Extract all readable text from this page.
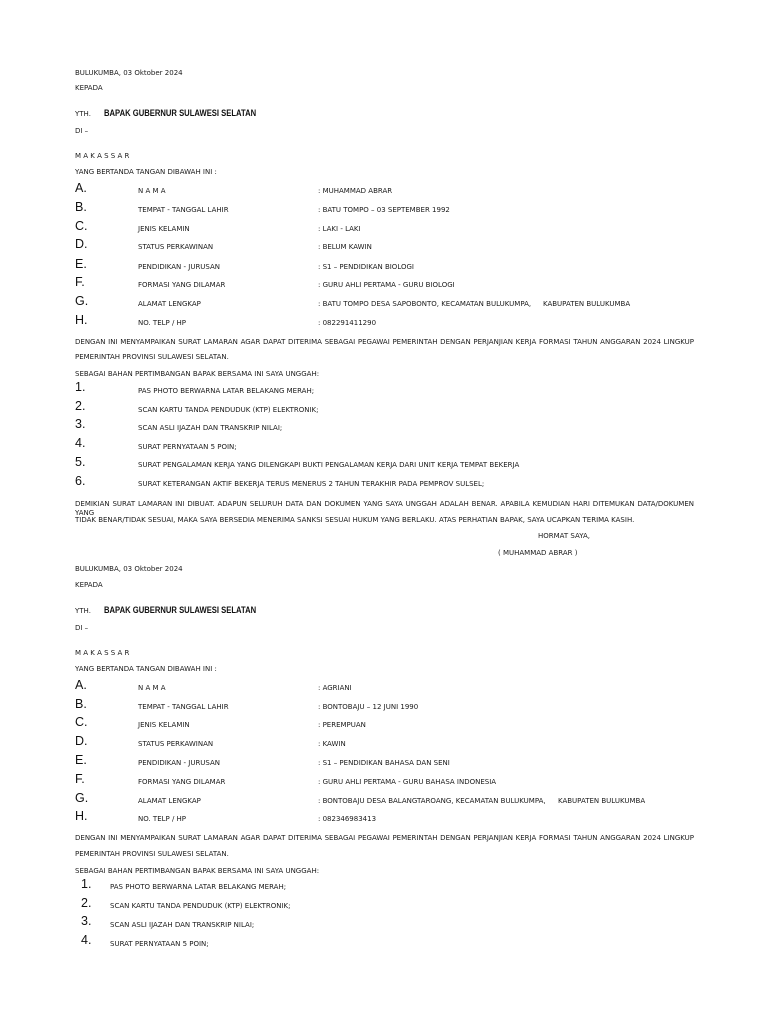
BULUKUMBA, 03 Oktober 2024
KEPADA
YTH. BAPAK GUBERNUR SULAWESI SELATAN
DI –
M A K A S S A R
YANG BERTANDA TANGAN DIBAWAH INI :
A.	N A M A	: MUHAMMAD ABRAR
B.	TEMPAT - TANGGAL LAHIR	: BATU TOMPO – 03 SEPTEMBER 1992
C.	JENIS KELAMIN	: LAKI - LAKI
D.	STATUS PERKAWINAN	: BELUM KAWIN
E.	PENDIDIKAN - JURUSAN	: S1 – PENDIDIKAN BIOLOGI
F.	FORMASI YANG DILAMAR	: GURU AHLI PERTAMA - GURU BIOLOGI
G.	ALAMAT LENGKAP	: BATU TOMPO DESA SAPOBONTO, KECAMATAN BULUKUMPA, KABUPATEN BULUKUMBA
H.	NO. TELP / HP	: 082291411290
DENGAN INI MENYAMPAIKAN SURAT LAMARAN AGAR DAPAT DITERIMA SEBAGAI PEGAWAI PEMERINTAH DENGAN PERJANJIAN KERJA FORMASI TAHUN ANGGARAN 2024 LINGKUP
PEMERINTAH PROVINSI SULAWESI SELATAN.
SEBAGAI BAHAN PERTIMBANGAN BAPAK BERSAMA INI SAYA UNGGAH:
1.	PAS PHOTO BERWARNA LATAR BELAKANG MERAH;
2.	SCAN KARTU TANDA PENDUDUK (KTP) ELEKTRONIK;
3.	SCAN ASLI IJAZAH DAN TRANSKRIP NILAI;
4.	SURAT PERNYATAAN 5 POIN;
5.	SURAT PENGALAMAN KERJA YANG DILENGKAPI BUKTI PENGALAMAN KERJA DARI UNIT KERJA TEMPAT BEKERJA
6.	SURAT KETERANGAN AKTIF BEKERJA TERUS MENERUS 2 TAHUN TERAKHIR PADA PEMPROV SULSEL;
DEMIKIAN SURAT LAMARAN INI DIBUAT. ADAPUN SELURUH DATA DAN DOKUMEN YANG SAYA UNGGAH ADALAH BENAR. APABILA KEMUDIAN HARI DITEMUKAN DATA/DOKUMEN YANG
TIDAK BENAR/TIDAK SESUAI, MAKA SAYA BERSEDIA MENERIMA SANKSI SESUAI HUKUM YANG BERLAKU. ATAS PERHATIAN BAPAK, SAYA UCAPKAN TERIMA KASIH.
HORMAT SAYA,
( MUHAMMAD ABRAR )
BULUKUMBA, 03 Oktober 2024
KEPADA
YTH. BAPAK GUBERNUR SULAWESI SELATAN
DI –
M A K A S S A R
YANG BERTANDA TANGAN DIBAWAH INI :
A.	N A M A	: AGRIANI
B.	TEMPAT - TANGGAL LAHIR	: BONTOBAJU – 12 JUNI 1990
C.	JENIS KELAMIN	: PEREMPUAN
D.	STATUS PERKAWINAN	: KAWIN
E.	PENDIDIKAN - JURUSAN	: S1 – PENDIDIKAN BAHASA DAN SENI
F.	FORMASI YANG DILAMAR	: GURU AHLI PERTAMA - GURU BAHASA INDONESIA
G.	ALAMAT LENGKAP	: BONTOBAJU DESA BALANGTAROANG, KECAMATAN BULUKUMPA, KABUPATEN BULUKUMBA
H.	NO. TELP / HP	: 082346983413
DENGAN INI MENYAMPAIKAN SURAT LAMARAN AGAR DAPAT DITERIMA SEBAGAI PEGAWAI PEMERINTAH DENGAN PERJANJIAN KERJA FORMASI TAHUN ANGGARAN 2024 LINGKUP
PEMERINTAH PROVINSI SULAWESI SELATAN.
SEBAGAI BAHAN PERTIMBANGAN BAPAK BERSAMA INI SAYA UNGGAH:
1.	PAS PHOTO BERWARNA LATAR BELAKANG MERAH;
2.	SCAN KARTU TANDA PENDUDUK (KTP) ELEKTRONIK;
3.	SCAN ASLI IJAZAH DAN TRANSKRIP NILAI;
4.	SURAT PERNYATAAN 5 POIN;
